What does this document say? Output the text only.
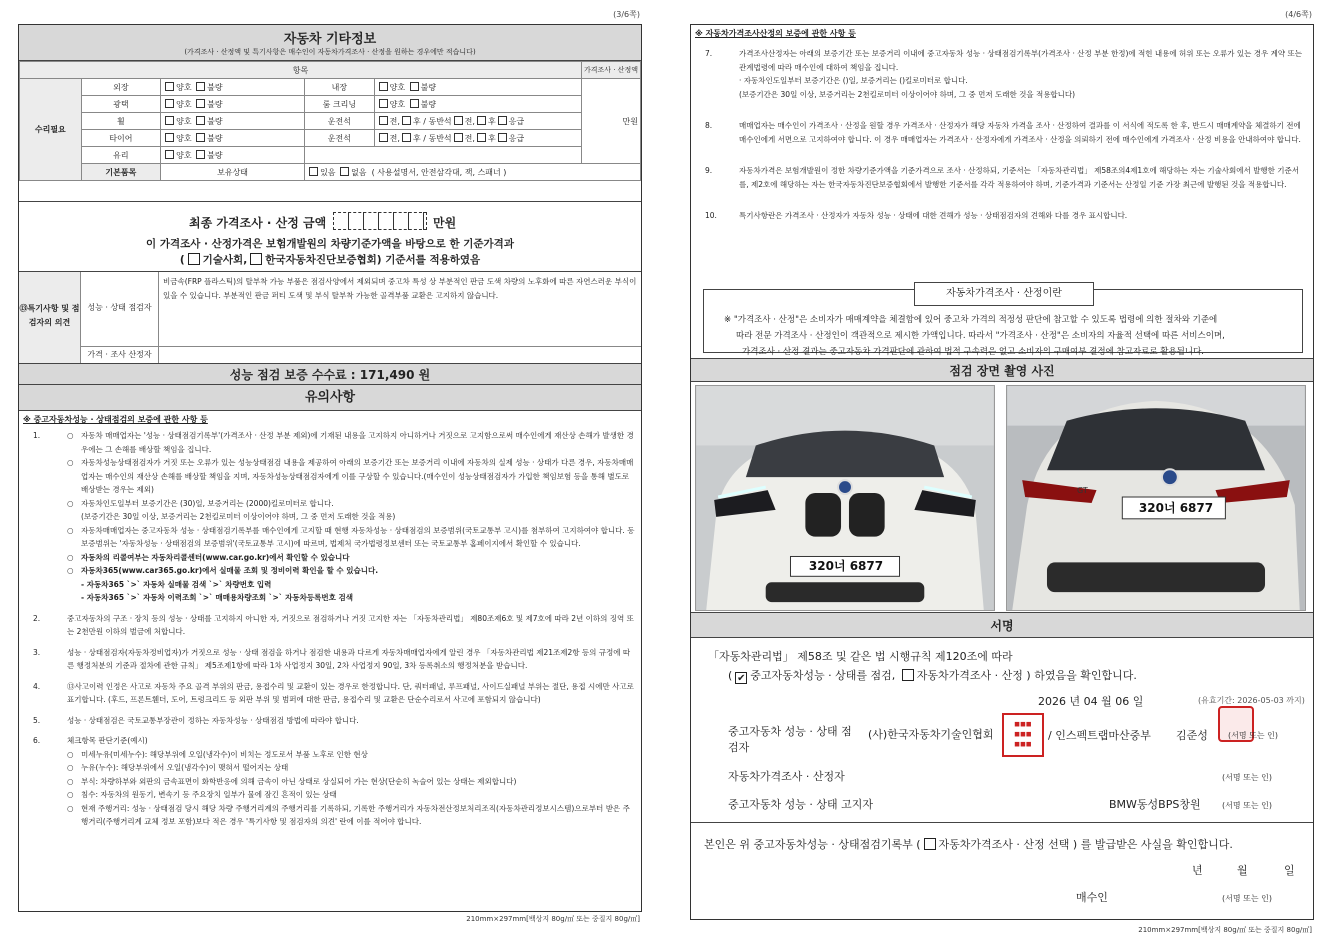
(3/6쪽)
자동차 기타정보
(가격조사 · 산정액 및 특기사항은 매수인이 자동차가격조사 · 산정을 원하는 경우에만 적습니다)
항목					가격조사 · 산정액
수리필요	외장	양호 불량	내장	양호 불량	만원
	광택	양호 불량	룸 크리닝	양호 불량	
	휠	양호 불량	운전석	전, 후 / 동반석 전, 후 응급	
	타이어	양호 불량	운전석	전, 후 / 동반석 전, 후 응급	
	유리	양호 불량			
	기본품목	보유상태	있음 없음 ( 사용설명서, 안전삼각대, 잭, 스패너 )		
최종 가격조사 · 산정 금액	만원
이 가격조사 · 산정가격은 보험개발원의 차량기준가액을 바탕으로 한 기준가격과
( 기술사회, 한국자동차진단보증협회) 기준서를 적용하였음
⑬특기사항 및 점검자의 의견
성능 · 상태 점검자
비금속(FRP 플라스틱)의 탈부착 가능 부품은 점검사양에서 제외되며 중고차 특성 상 부분적인 판금 도색 차량의 노후화에 따른 자연스러운 부식이 있을 수 있습니다. 부분적인 판금 퍼티 도색 및 부식 탈부착 가능한 골격부품 교환은 고지하지 않습니다.
가격 · 조사 산정자
성능 점검 보증 수수료 : 171,490 원
유의사항
※ 중고자동차성능 · 상태점검의 보증에 관한 사항 등
1.	○ 자동차 매매업자는 '성능 · 상태점검기록부'(가격조사 · 산정 부분 제외)에 기재된 내용을 고지하지 아니하거나 거짓으로 고지함으로써 매수인에게 재산상 손해가 발생한 경우에는 그 손해를 배상할 책임을 집니다.
○ 자동차성능상태점검자가 거짓 또는 오류가 있는 성능상태점검 내용을 제공하여 아래의 보증기간 또는 보증거리 이내에 자동차의 실제 성능 · 상태가 다른 경우, 자동차매매업자는 매수인의 재산상 손해를 배상할 책임을 지며, 자동차성능상태점검자에게 이를 구상할 수 있습니다.(매수인이 성능상태점검자가 가입한 책임보험 등을 통해 별도로 배상받는 경우는 제외)
○ 자동차인도일부터 보증기간은 (30)일, 보증거리는 (2000)킬로미터로 합니다.
(보증기간은 30일 이상, 보증거리는 2천킬로미터 이상이어야 하며, 그 중 먼저 도래한 것을 적용)
○ 자동차매매업자는 중고자동차 성능 · 상태점검기록부를 매수인에게 고지할 때 현행 자동차성능 · 상태점검의 보증범위(국토교통부 고시)를 첨부하여 고지하여야 합니다. 동 보증범위는 '자동차성능 · 상태점검의 보증범위'(국토교통부 고시)에 따르며, 법제처 국가법령정보센터 또는 국토교통부 홈페이지에서 확인할 수 있습니다.
○ 자동차의 리콜여부는 자동차리콜센터(www.car.go.kr)에서 확인할 수 있습니다
○ 자동차365(www.car365.go.kr)에서 실매물 조회 및 정비이력 확인을 할 수 있습니다.
- 자동차365 `>` 자동차 실매물 검색 `>` 차량번호 입력
- 자동차365 `>` 자동차 이력조회 `>` 매매용차량조회 `>` 자동차등록번호 검색
2.	중고자동차의 구조 · 장치 등의 성능 · 상태를 고지하지 아니한 자, 거짓으로 점검하거나 거짓 고지한 자는 「자동차관리법」 제80조제6호 및 제7호에 따라 2년 이하의 징역 또는 2천만원 이하의 벌금에 처합니다.
3.	성능 · 상태점검자(자동차정비업자)가 거짓으로 성능 · 상태 점검을 하거나 점검한 내용과 다르게 자동차매매업자에게 알린 경우 「자동차관리법 제21조제2항 등의 규정에 따른 행정처분의 기준과 절차에 관한 규칙」 제5조제1항에 따라 1차 사업정지 30일, 2차 사업정지 90일, 3차 등록취소의 행정처분을 받습니다.
4.	⑬사고이력 인정은 사고로 자동차 주요 골격 부위의 판금, 용접수리 및 교환이 있는 경우로 한정합니다. 단, 쿼터패널, 루프패널, 사이드실패널 부위는 절단, 용접 시에만 사고로 표기합니다. (후드, 프론트휀더, 도어, 트렁크리드 등 외판 부위 및 범퍼에 대한 판금, 용접수리 및 교환은 단순수리로서 사고에 포함되지 않습니다)
5.	성능 · 상태점검은 국토교통부장관이 정하는 자동차성능 · 상태점검 방법에 따라야 합니다.
6.	체크항목 판단기준(예시)
○ 미세누유(미세누수): 해당부위에 오일(냉각수)이 비치는 정도로서 부품 노후로 인한 현상
○ 누유(누수): 해당부위에서 오일(냉각수)이 맺혀서 떨어지는 상태
○ 부식: 차량하부와 외판의 금속표면이 화학반응에 의해 금속이 아닌 상태로 상실되어 가는 현상(단순히 녹슬어 있는 상태는 제외합니다)
○ 침수: 자동차의 원동기, 변속기 등 주요장치 일부가 물에 잠긴 흔적이 있는 상태
○ 현재 주행거리: 성능 · 상태점검 당시 해당 차량 주행거리계의 주행거리를 기록하되, 기록한 주행거리가 자동차전산정보처리조직(자동차관리정보시스템)으로부터 받은 주행거리(주행거리계 교체 정보 포함)보다 적은 경우 '특기사항 및 점검자의 의견' 란에 이를 적어야 합니다.
210mm×297mm[백상지 80g/㎡ 또는 중질지 80g/㎡]
(4/6쪽)
※ 자동차가격조사산정의 보증에 관한 사항 등
7.	가격조사산정자는 아래의 보증기간 또는 보증거리 이내에 중고자동차 성능 · 상태점검기록부(가격조사 · 산정 부분 한정)에 적힌 내용에 허위 또는 오류가 있는 경우 계약 또는 관계법령에 따라 매수인에 대하여 책임을 집니다.
· 자동차인도일부터 보증기간은 ()일, 보증거리는 ()킬로미터로 합니다.
(보증기간은 30일 이상, 보증거리는 2천킬로미터 이상이어야 하며, 그 중 먼저 도래한 것을 적용합니다)
8.	매매업자는 매수인이 가격조사 · 산정을 원할 경우 가격조사 · 산정자가 해당 자동차 가격을 조사 · 산정하여 결과를 이 서식에 적도록 한 후, 반드시 매매계약을 체결하기 전에 매수인에게 서면으로 고지하여야 합니다. 이 경우 매매업자는 가격조사 · 산정자에게 가격조사 · 산정을 의뢰하기 전에 매수인에게 가격조사 · 산정 비용을 안내하여야 합니다.
9.	자동차가격은 보험개발원이 정한 차량기준가액을 기준가격으로 조사 · 산정하되, 기준서는 「자동차관리법」 제58조의4제1호에 해당하는 자는 기술사회에서 발행한 기준서를, 제2호에 해당하는 자는 한국자동차진단보증협회에서 발행한 기준서를 각각 적용하여야 하며, 기준가격과 기준서는 산정일 기준 가장 최근에 발행된 것을 적용합니다.
10.	특기사항란은 가격조사 · 산정자가 자동차 성능 · 상태에 대한 견해가 성능 · 상태점검자의 견해와 다를 경우 표시합니다.
자동차가격조사 · 산정이란
※ "가격조사 · 산정"은 소비자가 매매계약을 체결함에 있어 중고차 가격의 적정성 판단에 참고할 수 있도록 법령에 의한 절차와 기준에
따라 전문 가격조사 · 산정인이 객관적으로 제시한 가액입니다. 따라서 "가격조사 · 산정"은 소비자의 자율적 선택에 따른 서비스이며,
가격조사 · 산정 결과는 중고자동차 가격판단에 관하여 법적 구속력은 없고 소비자의 구매여부 결정에 참고자료로 활용됩니다.
점검 장면 촬영 사진
320너 6877
320너 6877
GT
서명
「자동차관리법」 제58조 및 같은 법 시행규칙 제120조에 따라
( ✔ 중고자동차성능 · 상태를 점검, 자동차가격조사 · 산정 ) 하였음을 확인합니다.
2026 년 04 월 06 일	(유효기간: 2026-05-03 까지)
중고자동차 성능 · 상태 점검자
(사)한국자동차기술인협회
◼◼◼
◼◼◼
◼◼◼
/ 인스펙트랩마산중부 김준성	(서명 또는 인)
자동차가격조사 · 산정자	(서명 또는 인)
중고자동차 성능 · 상태 고지자	BMW동성BPS창원	(서명 또는 인)
본인은 위 중고자동차성능 · 상태점검기록부 ( 자동차가격조사 · 산정 선택 ) 를 발급받은 사실을 확인합니다.
년	월	일
매수인	(서명 또는 인)
210mm×297mm[백상지 80g/㎡ 또는 중질지 80g/㎡]
